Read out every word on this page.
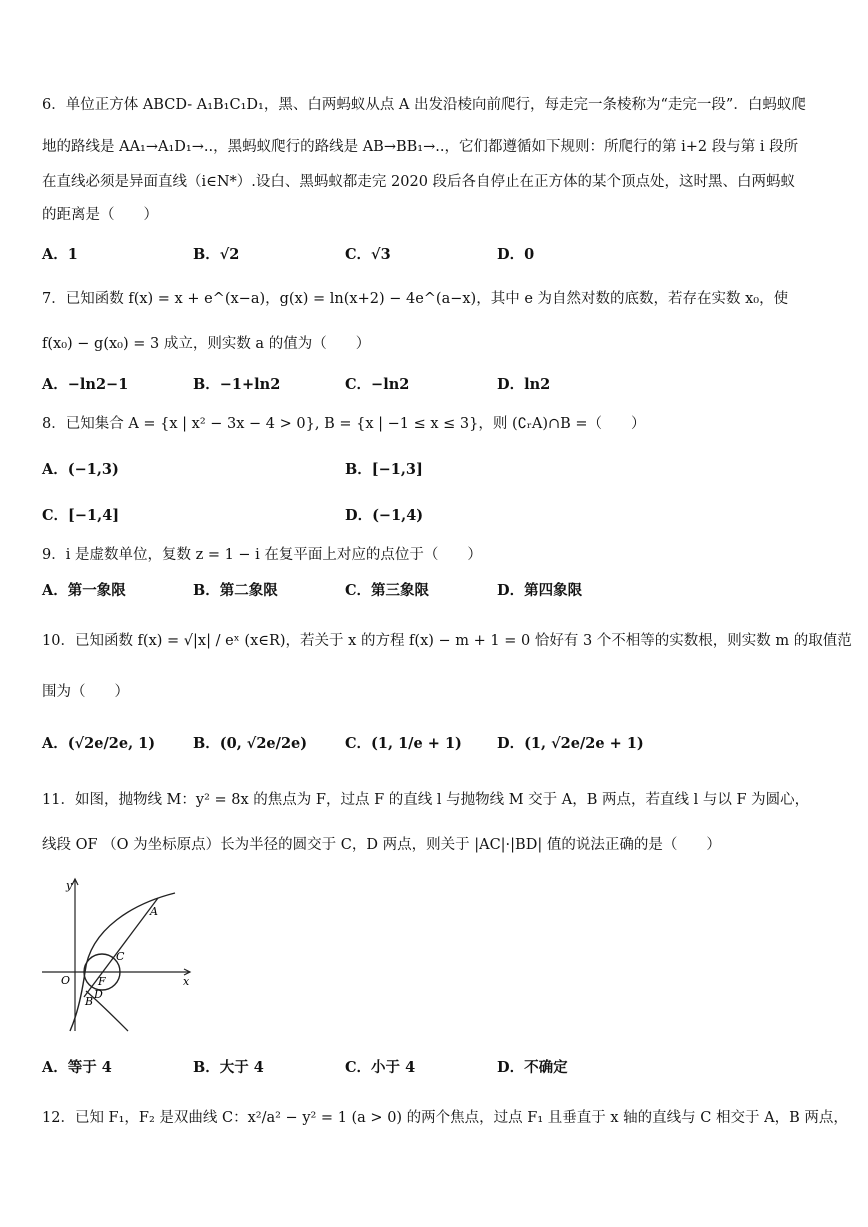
6．单位正方体 ABCD- A₁B₁C₁D₁，黑、白两蚂蚁从点 A 出发沿棱向前爬行，每走完一条棱称为“走完一段”．白蚂蚁爬
地的路线是 AA₁→A₁D₁→..，黑蚂蚁爬行的路线是 AB→BB₁→..，它们都遵循如下规则：所爬行的第 i+2 段与第 i 段所
在直线必须是异面直线（i∈N*）.设白、黑蚂蚁都走完 2020 段后各自停止在正方体的某个顶点处，这时黑、白两蚂蚁
的距离是（　　）
A．1	B．√2	C．√3	D．0
7．已知函数 f(x) = x + e^(x−a)，g(x) = ln(x+2) − 4e^(a−x)，其中 e 为自然对数的底数，若存在实数 x₀，使
f(x₀) − g(x₀) = 3 成立，则实数 a 的值为（　　）
A．−ln2−1	B．−1+ln2	C．−ln2	D．ln2
8．已知集合 A = {x | x² − 3x − 4 > 0}, B = {x | −1 ≤ x ≤ 3}，则 (∁ᵣA)∩B =（　　）
A．(−1,3)	B．[−1,3]
C．[−1,4]	D．(−1,4)
9．i 是虚数单位，复数 z = 1 − i 在复平面上对应的点位于（　　）
A．第一象限	B．第二象限	C．第三象限	D．第四象限
10．已知函数 f(x) = √|x| / eˣ (x∈R)，若关于 x 的方程 f(x) − m + 1 = 0 恰好有 3 个不相等的实数根，则实数 m 的取值范
围为（　　）
A．(√2e/2e, 1)	B．(0, √2e/2e)	C．(1, 1/e + 1) D．(1, √2e/2e + 1)
11．如图，抛物线 M：y² = 8x 的焦点为 F，过点 F 的直线 l 与抛物线 M 交于 A，B 两点，若直线 l 与以 F 为圆心，
线段 OF （O 为坐标原点）长为半径的圆交于 C，D 两点，则关于 |AC|·|BD| 值的说法正确的是（　　）
y
x
O	F
A
B
C
D
A．等于 4	B．大于 4	C．小于 4	D．不确定
12．已知 F₁，F₂ 是双曲线 C：x²/a² − y² = 1 (a > 0) 的两个焦点，过点 F₁ 且垂直于 x 轴的直线与 C 相交于 A，B 两点，
